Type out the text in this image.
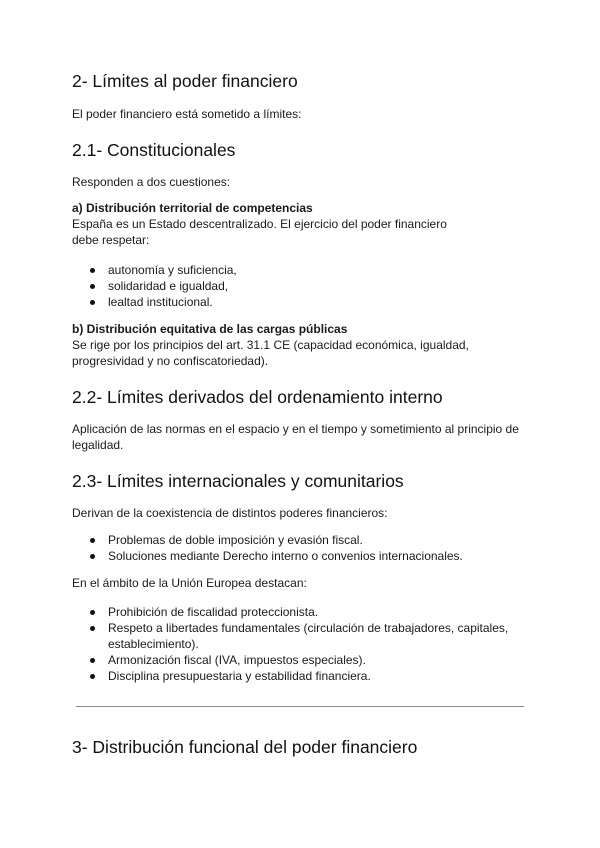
2- Límites al poder financiero

El poder financiero está sometido a límites:

2.1- Constitucionales

Responden a dos cuestiones:

a) Distribución territorial de competencias

España es un Estado descentralizado. El ejercicio del poder financiero debe respetar:

autonomía y suficiencia,
solidaridad e igualdad,
lealtad institucional.

b) Distribución equitativa de las cargas públicas

Se rige por los principios del art. 31.1 CE (capacidad económica, igualdad, progresividad y no confiscatoriedad).

2.2- Límites derivados del ordenamiento interno

Aplicación de las normas en el espacio y en el tiempo y sometimiento al principio de legalidad.

2.3- Límites internacionales y comunitarios

Derivan de la coexistencia de distintos poderes financieros:

Problemas de doble imposición y evasión fiscal.
Soluciones mediante Derecho interno o convenios internacionales.

En el ámbito de la Unión Europea destacan:

Prohibición de fiscalidad proteccionista.
Respeto a libertades fundamentales (circulación de trabajadores, capitales, establecimiento).
Armonización fiscal (IVA, impuestos especiales).
Disciplina presupuestaria y estabilidad financiera.
3- Distribución funcional del poder financiero
